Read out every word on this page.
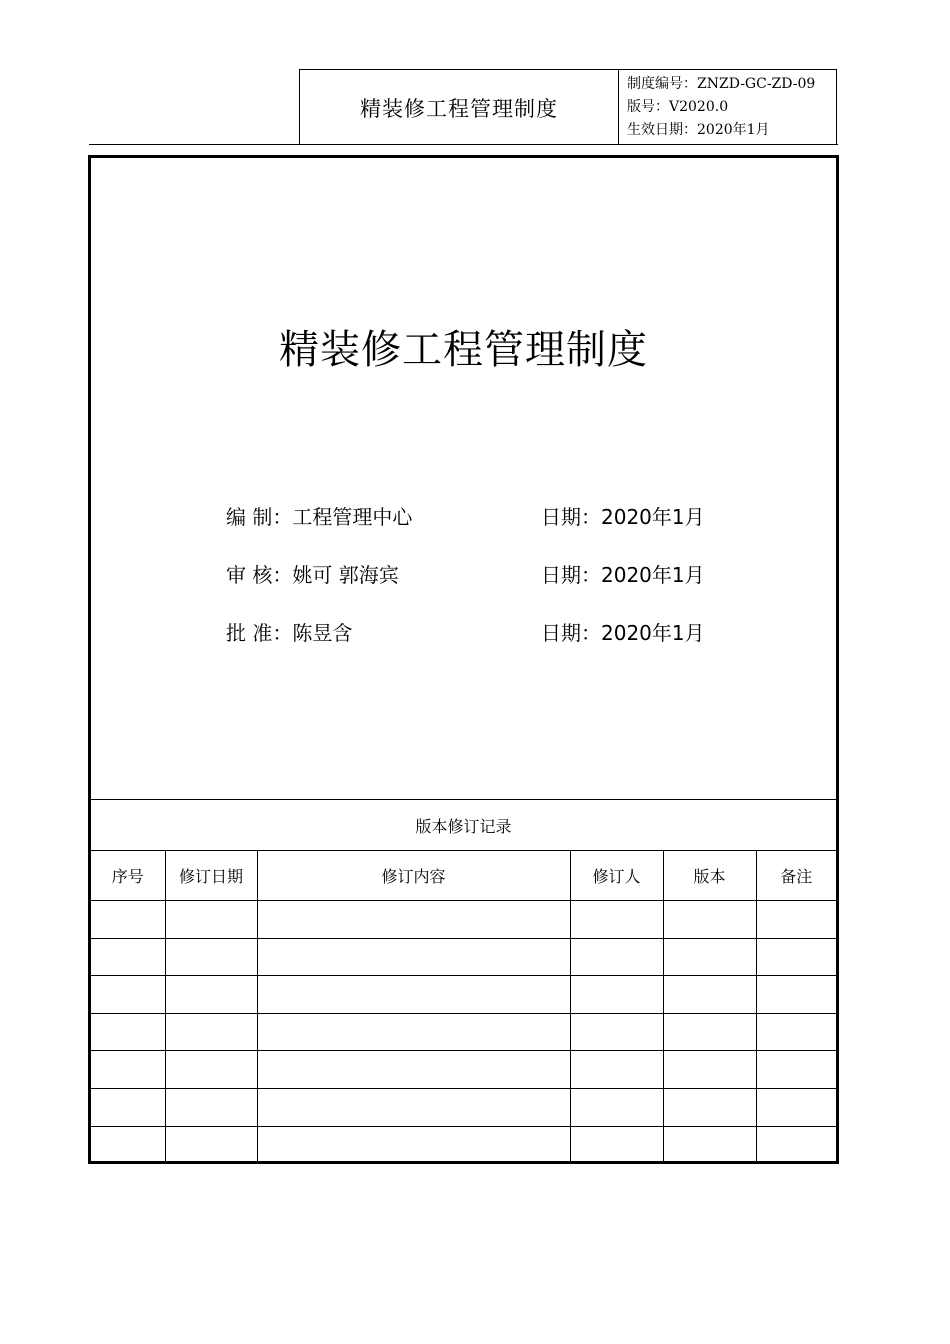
精装修工程管理制度
制度编号：ZNZD-GC-ZD-09
版号：V2020.0
生效日期：2020年1月
精装修工程管理制度
编 制：工程管理中心	日期：2020年1月
审 核：姚可 郭海宾	日期：2020年1月
批 准：陈昱含	日期：2020年1月
版本修订记录					
序号	修订日期	修订内容	修订人	版本	备注
